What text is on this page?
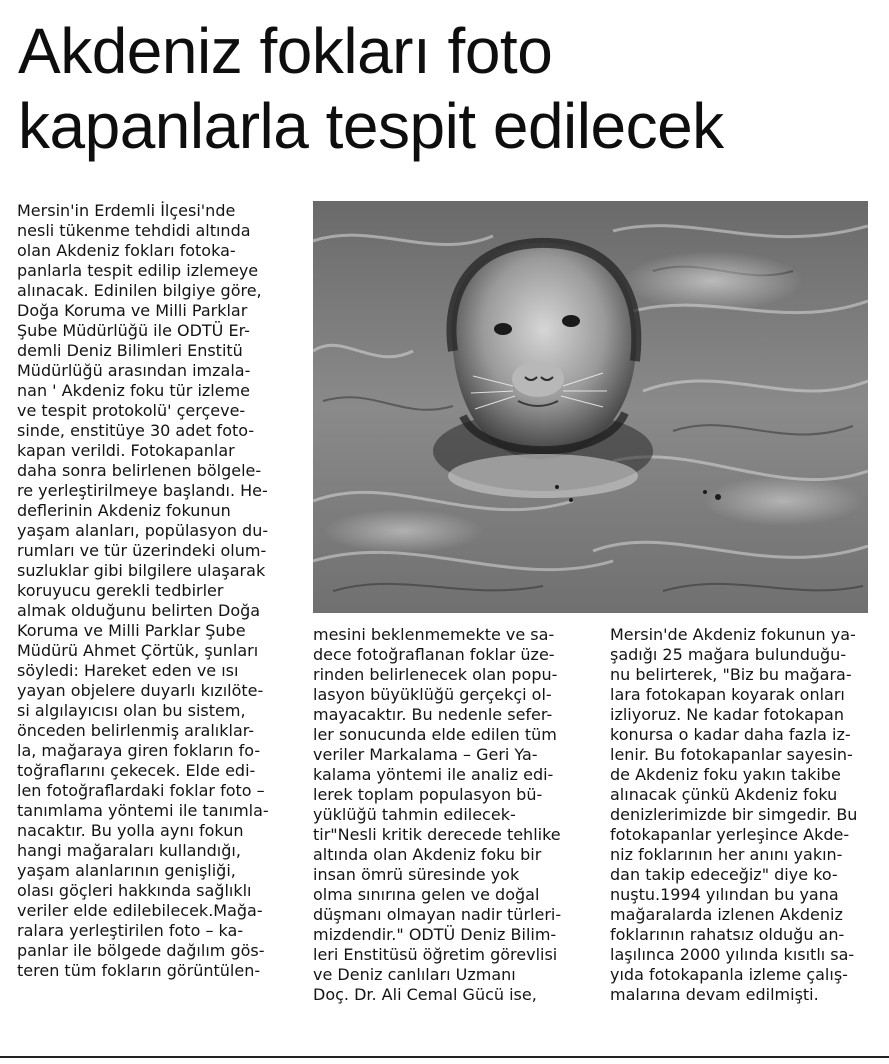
Akdeniz fokları foto
kapanlarla tespit edilecek
Mersin'in Erdemli İlçesi'nde
nesli tükenme tehdidi altında
olan Akdeniz fokları fotoka-
panlarla tespit edilip izlemeye
alınacak. Edinilen bilgiye göre,
Doğa Koruma ve Milli Parklar
Şube Müdürlüğü ile ODTÜ Er-
demli Deniz Bilimleri Enstitü
Müdürlüğü arasından imzala-
nan ' Akdeniz foku tür izleme
ve tespit protokolü' çerçeve-
sinde, enstitüye 30 adet foto-
kapan verildi. Fotokapanlar
daha sonra belirlenen bölgele-
re yerleştirilmeye başlandı. He-
deflerinin Akdeniz fokunun
yaşam alanları, popülasyon du-
rumları ve tür üzerindeki olum-
suzluklar gibi bilgilere ulaşarak
koruyucu gerekli tedbirler
almak olduğunu belirten Doğa
Koruma ve Milli Parklar Şube
Müdürü Ahmet Çörtük, şunları
söyledi: Hareket eden ve ısı
yayan objelere duyarlı kızılöte-
si algılayıcısı olan bu sistem,
önceden belirlenmiş aralıklar-
la, mağaraya giren fokların fo-
toğraflarını çekecek. Elde edi-
len fotoğraflardaki foklar foto –
tanımlama yöntemi ile tanımla-
nacaktır. Bu yolla aynı fokun
hangi mağaraları kullandığı,
yaşam alanlarının genişliği,
olası göçleri hakkında sağlıklı
veriler elde edilebilecek.Mağa-
ralara yerleştirilen foto – ka-
panlar ile bölgede dağılım gös-
teren tüm fokların görüntülen-
mesini beklenmemekte ve sa-
dece fotoğraflanan foklar üze-
rinden belirlenecek olan popu-
lasyon büyüklüğü gerçekçi ol-
mayacaktır. Bu nedenle sefer-
ler sonucunda elde edilen tüm
veriler Markalama – Geri Ya-
kalama yöntemi ile analiz edi-
lerek toplam populasyon bü-
yüklüğü tahmin edilecek-
tir"Nesli kritik derecede tehlike
altında olan Akdeniz foku bir
insan ömrü süresinde yok
olma sınırına gelen ve doğal
düşmanı olmayan nadir türleri-
mizdendir." ODTÜ Deniz Bilim-
leri Enstitüsü öğretim görevlisi
ve Deniz canlıları Uzmanı
Doç. Dr. Ali Cemal Gücü ise,
Mersin'de Akdeniz fokunun ya-
şadığı 25 mağara bulunduğu-
nu belirterek, "Biz bu mağara-
lara fotokapan koyarak onları
izliyoruz. Ne kadar fotokapan
konursa o kadar daha fazla iz-
lenir. Bu fotokapanlar sayesin-
de Akdeniz foku yakın takibe
alınacak çünkü Akdeniz foku
denizlerimizde bir simgedir. Bu
fotokapanlar yerleşince Akde-
niz foklarının her anını yakın-
dan takip edeceğiz" diye ko-
nuştu.1994 yılından bu yana
mağaralarda izlenen Akdeniz
foklarının rahatsız olduğu an-
laşılınca 2000 yılında kısıtlı sa-
yıda fotokapanla izleme çalış-
malarına devam edilmişti.
